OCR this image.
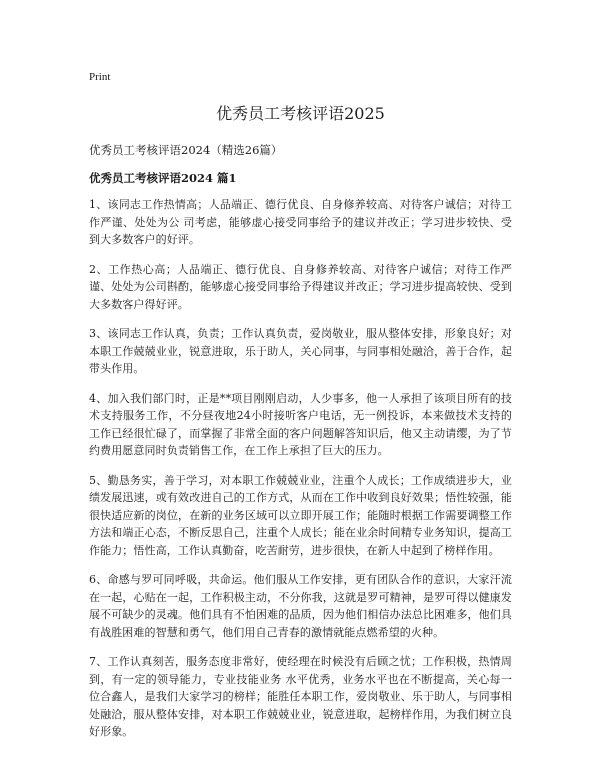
Print
优秀员工考核评语2025
优秀员工考核评语2024（精选26篇）
优秀员工考核评语2024 篇1

1、该同志工作热情高；人品端正、德行优良、自身修养较高、对待客户诚信；对待工作严谨、处处为公 司考虑，能够虚心接受同事给予的建议并改正；学习进步较快、受到大多数客户的好评。

2、工作热心高；人品端正、德行优良、自身修养较高、对待客户诚信；对待工作严谨、处处为公司斟酌，能够虚心接受同事给予得建议并改正；学习进步提高较快、受到大多数客户得好评。

3、该同志工作认真，负责；工作认真负责，爱岗敬业，服从整体安排，形象良好；对本职工作兢兢业业，锐意进取，乐于助人，关心同事，与同事相处融洽，善于合作，起带头作用。

4、加入我们部门时，正是**项目刚刚启动，人少事多，他一人承担了该项目所有的技术支持服务工作，不分昼夜地24小时接听客户电话，无一例投诉，本来做技术支持的工作已经很忙碌了，而掌握了非常全面的客户问题解答知识后，他又主动请缨，为了节约费用愿意同时负责销售工作，在工作上承担了巨大的压力。

5、勤恳务实，善于学习，对本职工作兢兢业业，注重个人成长；工作成绩进步大，业绩发展迅速，或有效改进自己的工作方式，从而在工作中收到良好效果；悟性较强，能很快适应新的岗位，在新的业务区域可以立即开展工作；能随时根据工作需要调整工作方法和端正心态，不断反思自己，注重个人成长；能在业余时间精专业务知识，提高工作能力；悟性高，工作认真勤奋，吃苦耐劳，进步很快，在新人中起到了榜样作用。

6、命感与罗可同呼吸，共命运。他们服从工作安排，更有团队合作的意识，大家汗流在一起，心贴在一起，工作积极主动，不分你我，这就是罗可精神，是罗可得以健康发展不可缺少的灵魂。他们具有不怕困难的品质，因为他们相信办法总比困难多，他们具有战胜困难的智慧和勇气，他们用自己青春的激情就能点燃希望的火种。

7、工作认真刻苦，服务态度非常好，使经理在时候没有后顾之忧；工作积极，热情周到，有一定的领导能力，专业技能业务 水平优秀，业务水平也在不断提高，关心每一位合鑫人，是我们大家学习的榜样；能胜任本职工作，爱岗敬业、乐于助人，与同事相处融洽，服从整体安排，对本职工作兢兢业业，锐意进取，起榜样作用，为我们树立良好形象。
